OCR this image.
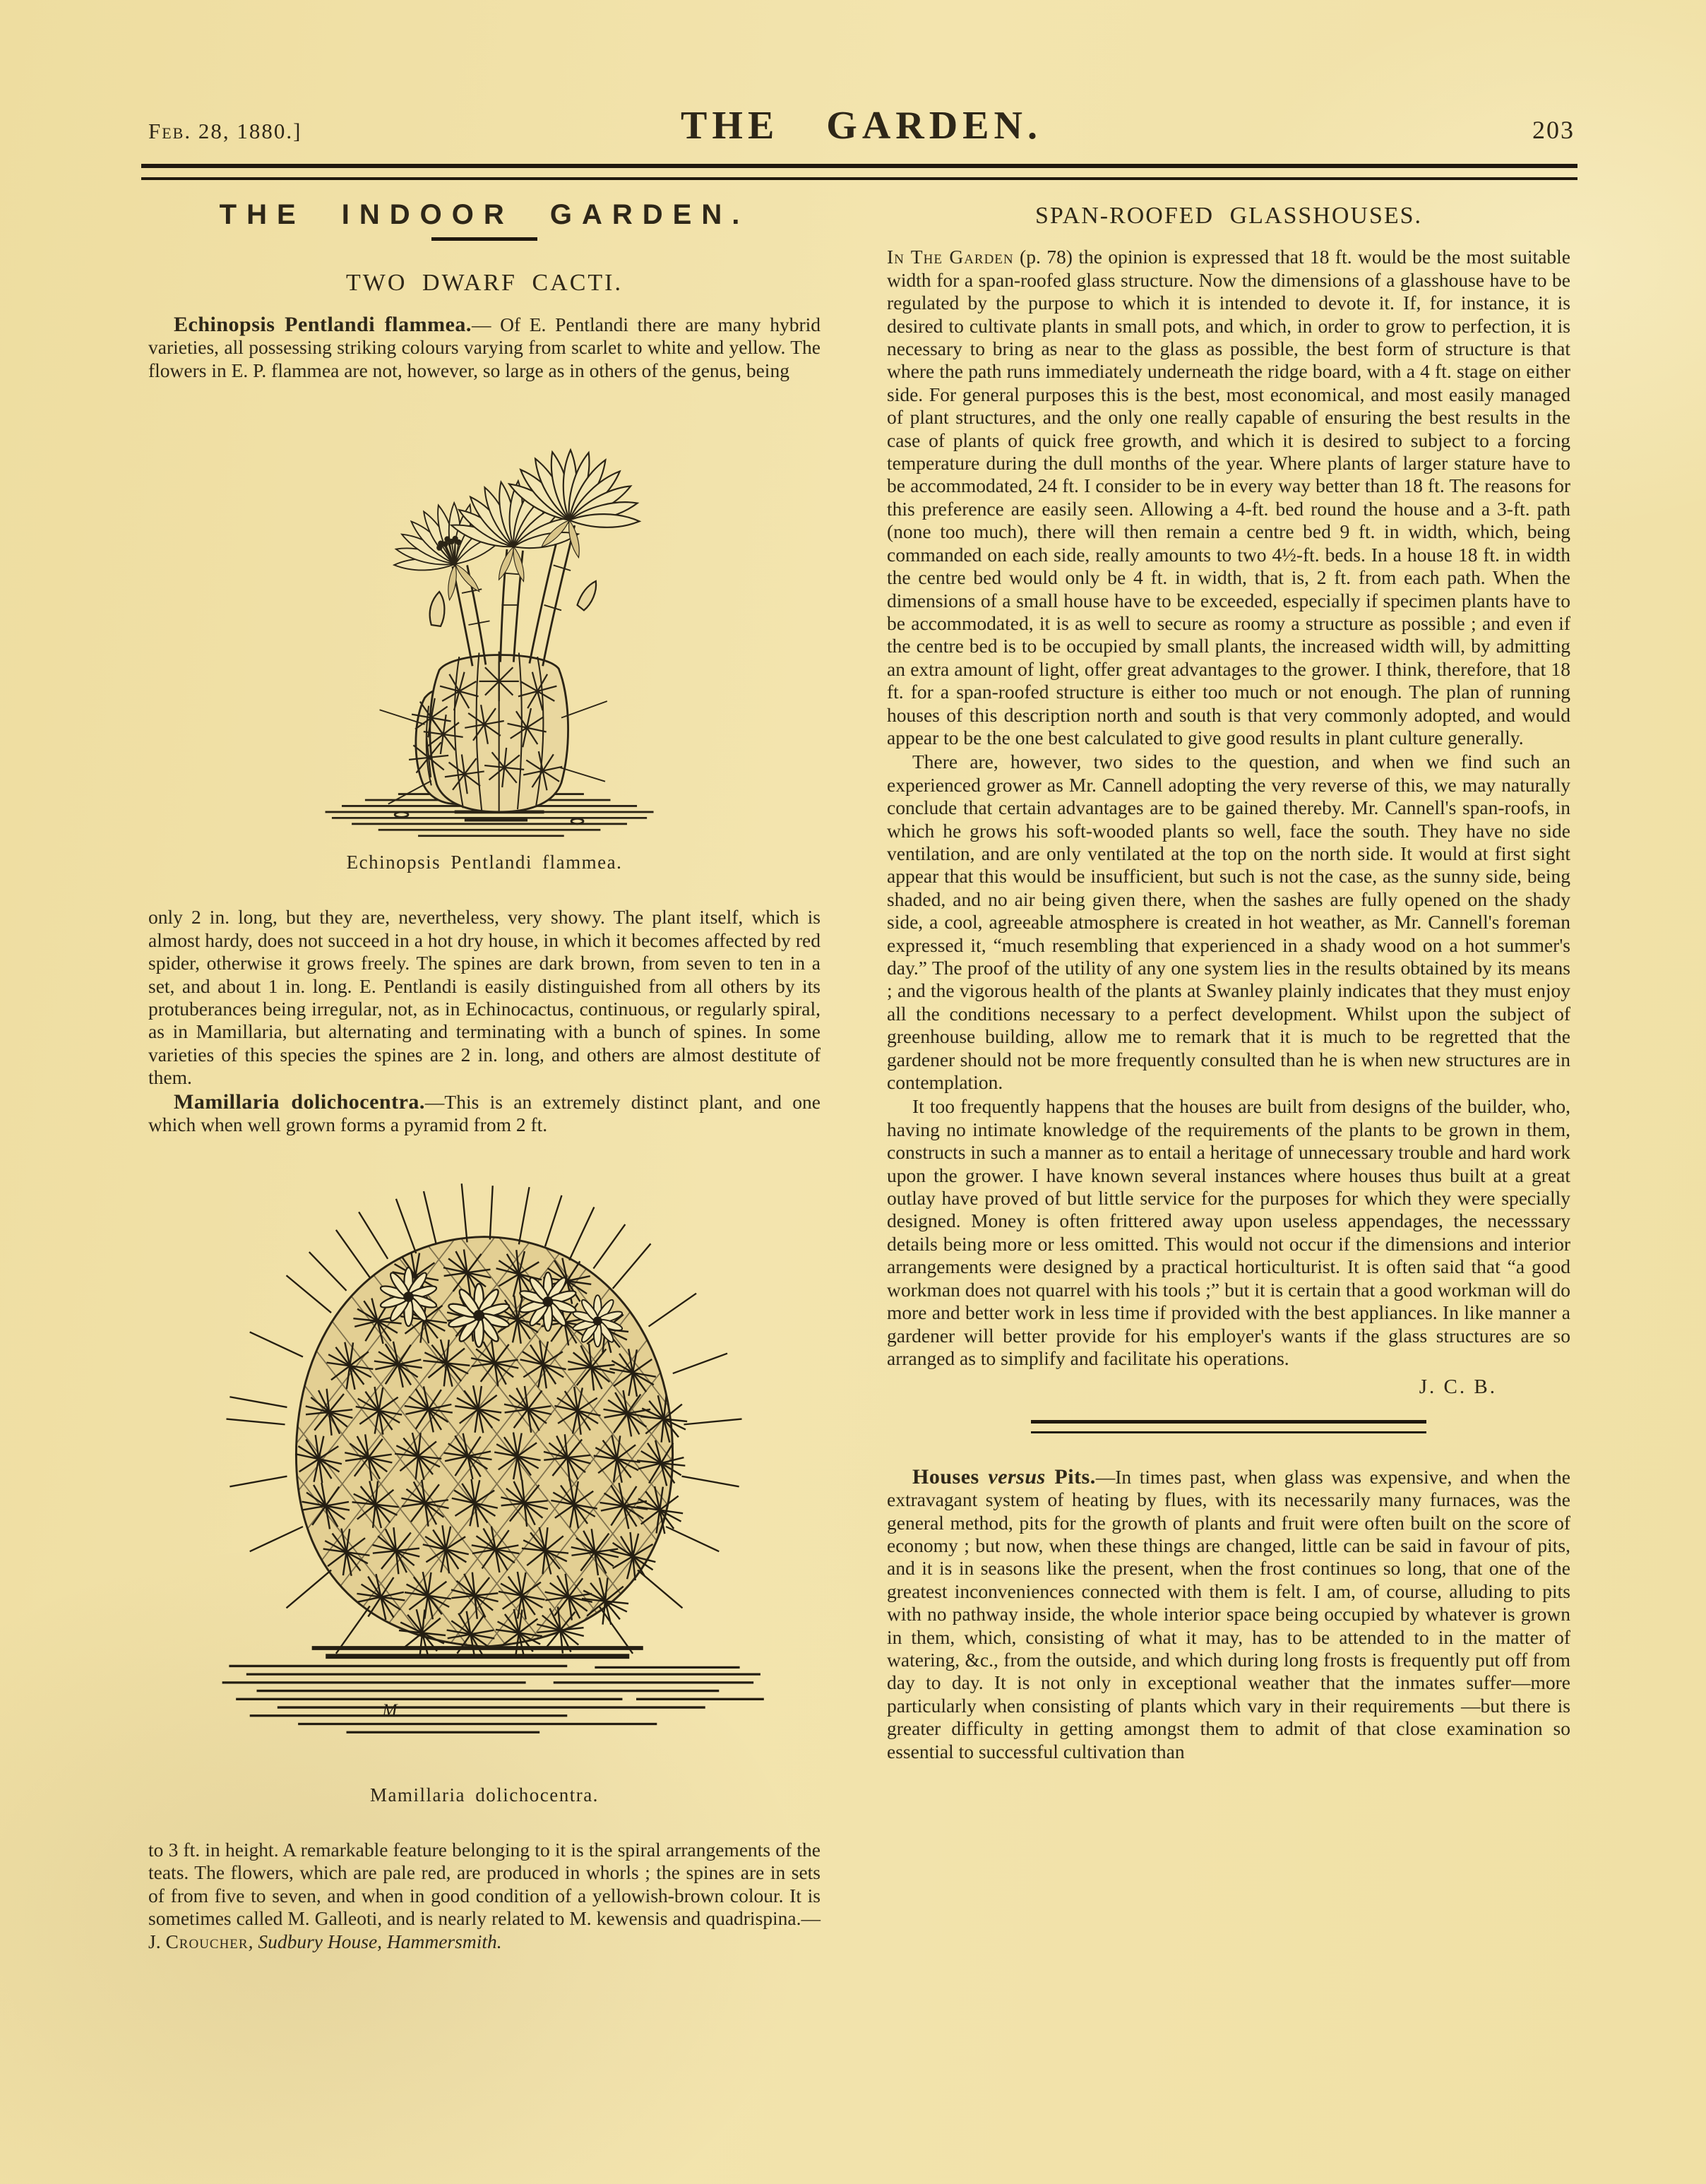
Feb. 28, 1880.]	THE GARDEN.	203
THE INDOOR GARDEN.
TWO DWARF CACTI.

Echinopsis Pentlandi flammea.— Of E. Pentlandi there are many hybrid varieties, all possessing striking colours varying from scarlet to white and yellow. The flowers in E. P. flammea are not, however, so large as in others of the genus, being

Echinopsis Pentlandi flammea.

only 2 in. long, but they are, nevertheless, very showy. The plant itself, which is almost hardy, does not succeed in a hot dry house, in which it becomes affected by red spider, otherwise it grows freely. The spines are dark brown, from seven to ten in a set, and about 1 in. long. E. Pentlandi is easily distinguished from all others by its protuberances being irregular, not, as in Echinocactus, continuous, or regularly spiral, as in Mamillaria, but alternating and terminating with a bunch of spines. In some varieties of this species the spines are 2 in. long, and others are almost destitute of them.

Mamillaria dolichocentra.—This is an extremely distinct plant, and one which when well grown forms a pyramid from 2 ft.

M
Mamillaria dolichocentra.

to 3 ft. in height. A remarkable feature belonging to it is the spiral arrangements of the teats. The flowers, which are pale red, are produced in whorls ; the spines are in sets of from five to seven, and when in good condition of a yellowish-brown colour. It is sometimes called M. Galleoti, and is nearly related to M. kewensis and quadrispina.—J. Croucher, Sudbury House, Hammersmith.

SPAN-ROOFED GLASSHOUSES.

In The Garden (p. 78) the opinion is expressed that 18 ft. would be the most suitable width for a span-roofed glass structure. Now the dimensions of a glasshouse have to be regulated by the purpose to which it is intended to devote it. If, for instance, it is desired to cultivate plants in small pots, and which, in order to grow to perfection, it is necessary to bring as near to the glass as possible, the best form of structure is that where the path runs immediately underneath the ridge board, with a 4 ft. stage on either side. For general purposes this is the best, most economical, and most easily managed of plant structures, and the only one really capable of ensuring the best results in the case of plants of quick free growth, and which it is desired to subject to a forcing temperature during the dull months of the year. Where plants of larger stature have to be accommodated, 24 ft. I consider to be in every way better than 18 ft. The reasons for this preference are easily seen. Allowing a 4-ft. bed round the house and a 3-ft. path (none too much), there will then remain a centre bed 9 ft. in width, which, being commanded on each side, really amounts to two 4½-ft. beds. In a house 18 ft. in width the centre bed would only be 4 ft. in width, that is, 2 ft. from each path. When the dimensions of a small house have to be exceeded, especially if specimen plants have to be accommodated, it is as well to secure as roomy a structure as possible ; and even if the centre bed is to be occupied by small plants, the increased width will, by admitting an extra amount of light, offer great advantages to the grower. I think, therefore, that 18 ft. for a span-roofed structure is either too much or not enough. The plan of running houses of this description north and south is that very commonly adopted, and would appear to be the one best calculated to give good results in plant culture generally.

There are, however, two sides to the question, and when we find such an experienced grower as Mr. Cannell adopting the very reverse of this, we may naturally conclude that certain advantages are to be gained thereby. Mr. Cannell's span-roofs, in which he grows his soft-wooded plants so well, face the south. They have no side ventilation, and are only ventilated at the top on the north side. It would at first sight appear that this would be insufficient, but such is not the case, as the sunny side, being shaded, and no air being given there, when the sashes are fully opened on the shady side, a cool, agreeable atmosphere is created in hot weather, as Mr. Cannell's foreman expressed it, “much resembling that experienced in a shady wood on a hot summer's day.” The proof of the utility of any one system lies in the results obtained by its means ; and the vigorous health of the plants at Swanley plainly indicates that they must enjoy all the conditions necessary to a perfect development. Whilst upon the subject of greenhouse building, allow me to remark that it is much to be regretted that the gardener should not be more frequently consulted than he is when new structures are in contemplation.

It too frequently happens that the houses are built from designs of the builder, who, having no intimate knowledge of the requirements of the plants to be grown in them, constructs in such a manner as to entail a heritage of unnecessary trouble and hard work upon the grower. I have known several instances where houses thus built at a great outlay have proved of but little service for the purposes for which they were specially designed. Money is often frittered away upon useless appendages, the necesssary details being more or less omitted. This would not occur if the dimensions and interior arrangements were designed by a practical horticulturist. It is often said that “a good workman does not quarrel with his tools ;” but it is certain that a good workman will do more and better work in less time if provided with the best appliances. In like manner a gardener will better provide for his employer's wants if the glass structures are so arranged as to simplify and facilitate his operations.

J. C. B.

Houses versus Pits.—In times past, when glass was expensive, and when the extravagant system of heating by flues, with its necessarily many furnaces, was the general method, pits for the growth of plants and fruit were often built on the score of economy ; but now, when these things are changed, little can be said in favour of pits, and it is in seasons like the present, when the frost continues so long, that one of the greatest inconveniences connected with them is felt. I am, of course, alluding to pits with no pathway inside, the whole interior space being occupied by whatever is grown in them, which, consisting of what it may, has to be attended to in the matter of watering, &c., from the outside, and which during long frosts is frequently put off from day to day. It is not only in exceptional weather that the inmates suffer—more particularly when consisting of plants which vary in their requirements —but there is greater difficulty in getting amongst them to admit of that close examination so essential to successful cultivation than
